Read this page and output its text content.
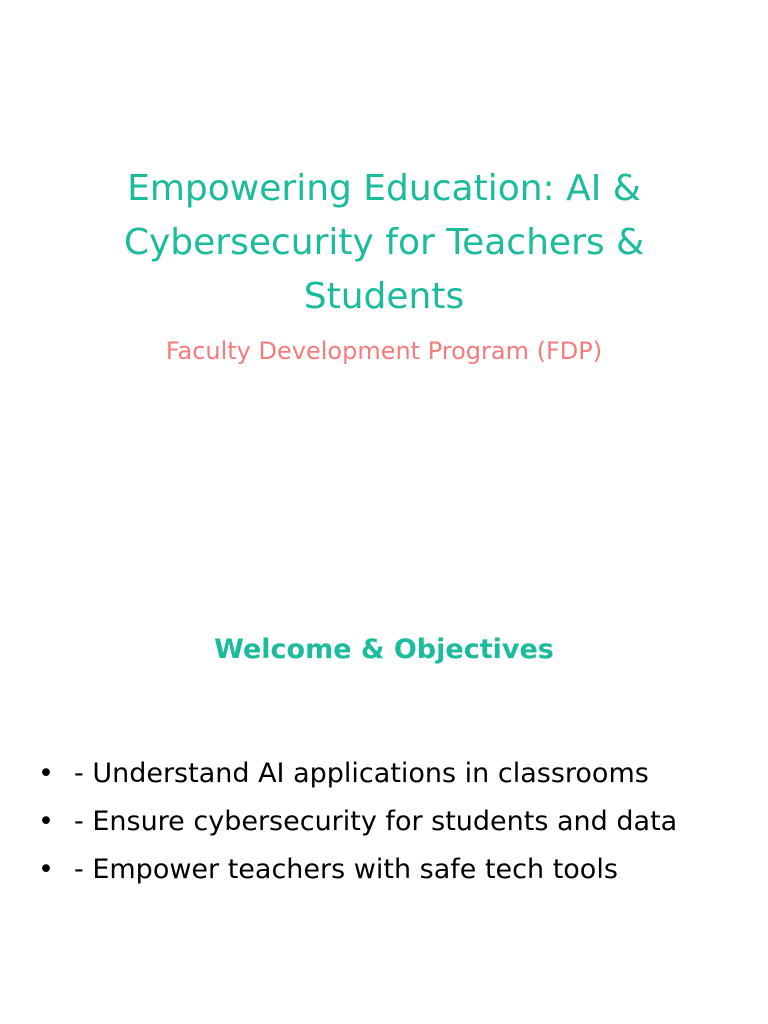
Empowering Education: AI & Cybersecurity for Teachers & Students

Faculty Development Program (FDP)

Welcome & Objectives
• - Understand AI applications in classrooms
• - Ensure cybersecurity for students and data
• - Empower teachers with safe tech tools
